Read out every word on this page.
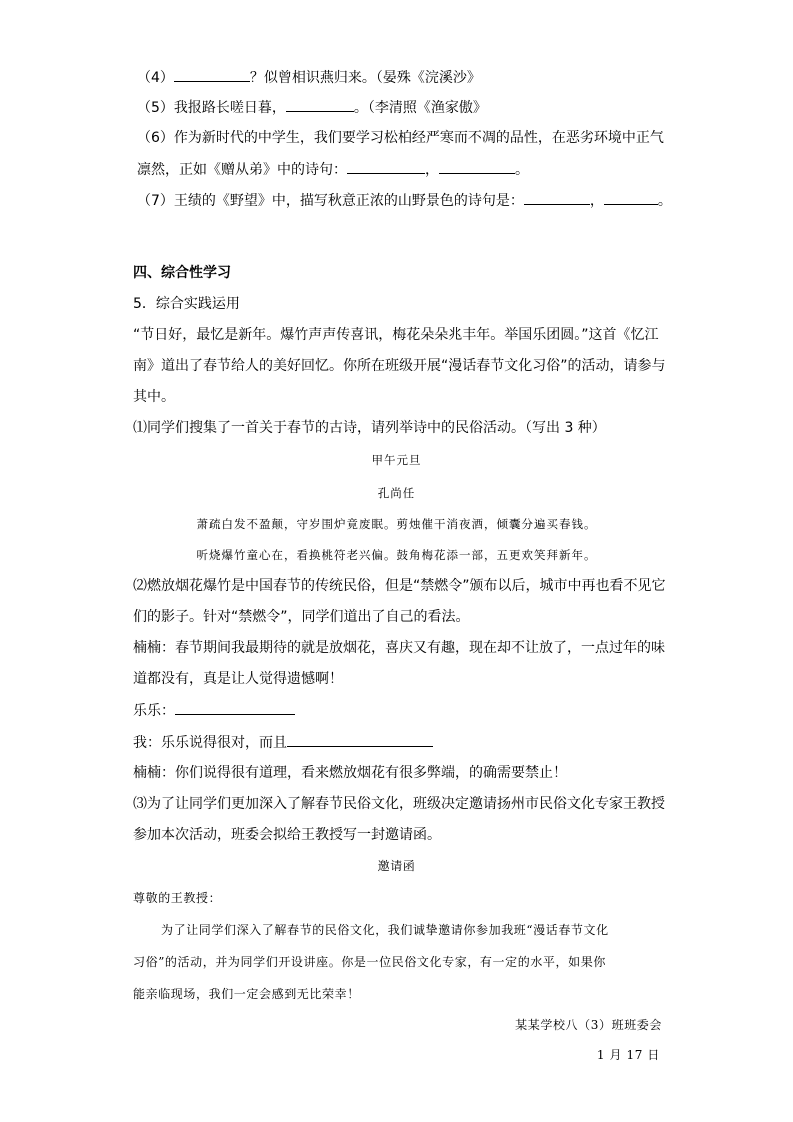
（4）	？似曾相识燕归来。（晏殊《浣溪沙》
（5）我报路长嗟日暮，	。（李清照《渔家傲》
（6）作为新时代的中学生，我们要学习松柏经严寒而不凋的品性，在恶劣环境中正气
凛然，正如《赠从弟》中的诗句：	，	。
（7）王绩的《野望》中，描写秋意正浓的山野景色的诗句是：	，	。
四、综合性学习
5．综合实践运用
“节日好，最忆是新年。爆竹声声传喜讯，梅花朵朵兆丰年。举国乐团圆。”这首《忆江
南》道出了春节给人的美好回忆。你所在班级开展“漫话春节文化习俗”的活动，请参与
其中。
⑴同学们搜集了一首关于春节的古诗，请列举诗中的民俗活动。（写出 3 种）
甲午元旦
孔尚任
萧疏白发不盈颠，守岁围炉竟废眠。剪烛催干消夜酒，倾囊分遍买春钱。
听烧爆竹童心在，看换桃符老兴偏。鼓角梅花添一部，五更欢笑拜新年。
⑵燃放烟花爆竹是中国春节的传统民俗，但是“禁燃令”颁布以后，城市中再也看不见它
们的影子。针对“禁燃令”，同学们道出了自己的看法。
楠楠：春节期间我最期待的就是放烟花，喜庆又有趣，现在却不让放了，一点过年的味
道都没有，真是让人觉得遗憾啊！
乐乐：
我：乐乐说得很对，而且
楠楠：你们说得很有道理，看来燃放烟花有很多弊端，的确需要禁止！
⑶为了让同学们更加深入了解春节民俗文化，班级决定邀请扬州市民俗文化专家王教授
参加本次活动，班委会拟给王教授写一封邀请函。
邀请函
尊敬的王教授：
为了让同学们深入了解春节的民俗文化，我们诚挚邀请你参加我班“漫话春节文化
习俗”的活动，并为同学们开设讲座。你是一位民俗文化专家，有一定的水平，如果你
能亲临现场，我们一定会感到无比荣幸！
某某学校八（3）班班委会
1 月 17 日
